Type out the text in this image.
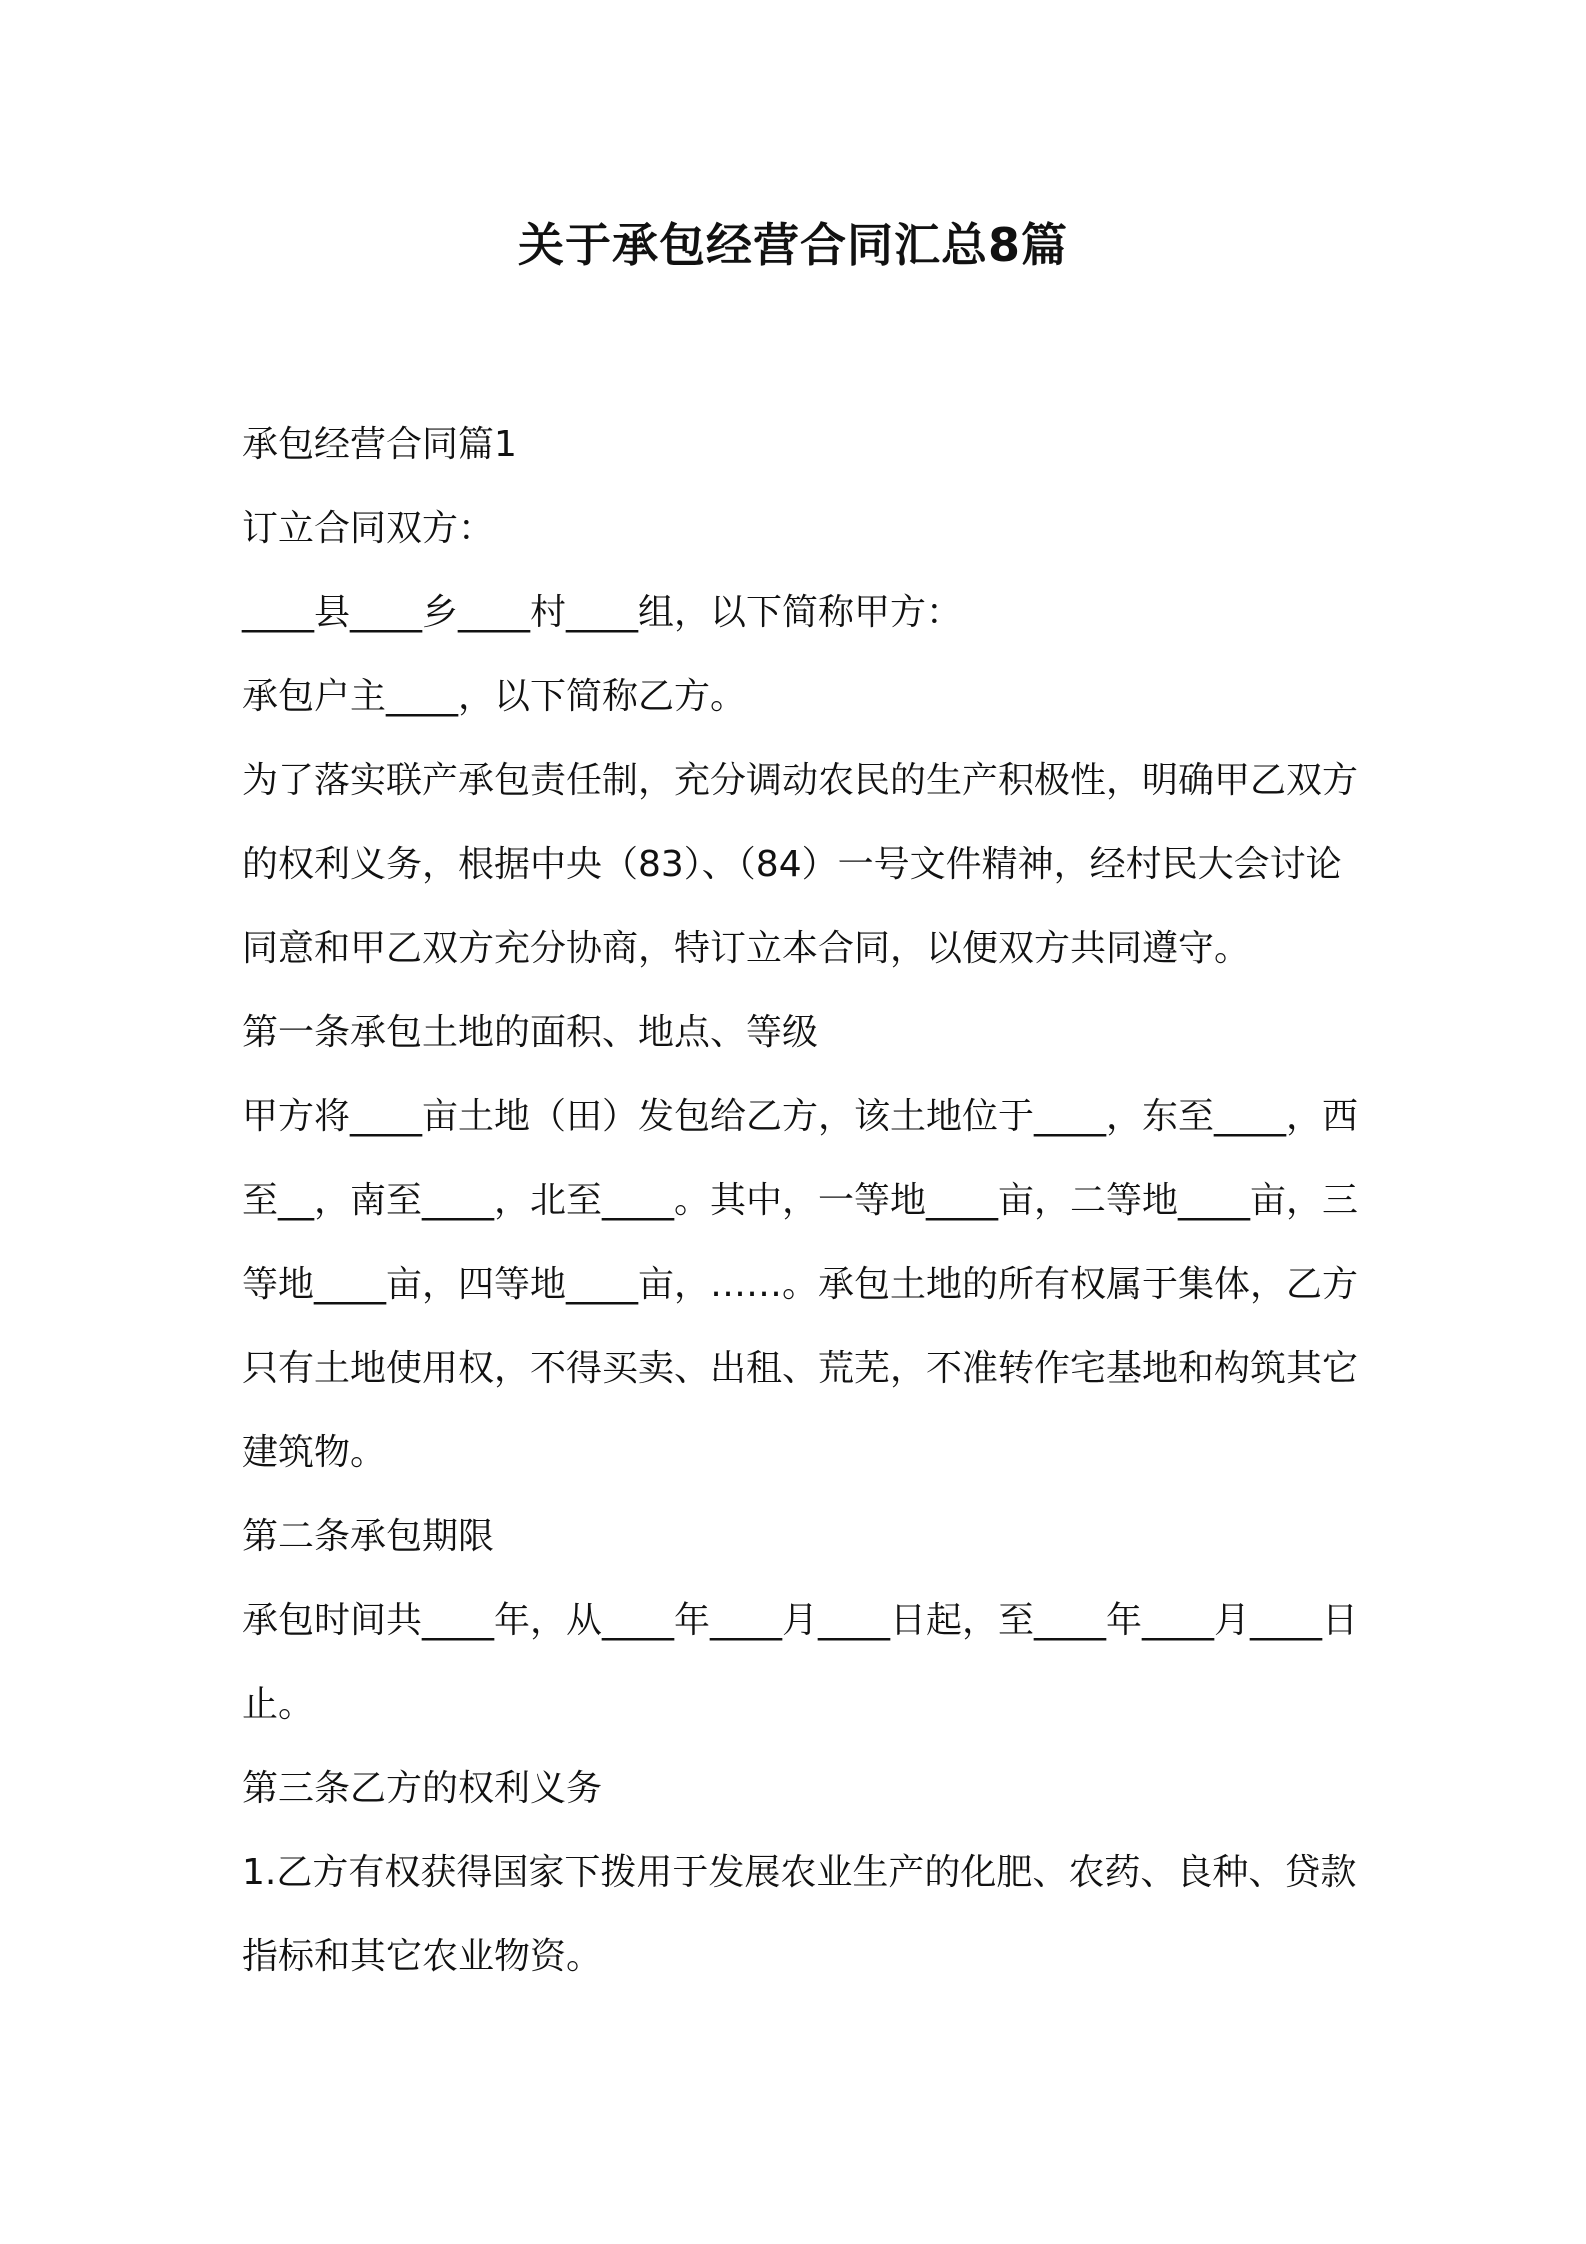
关于承包经营合同汇总8篇

承包经营合同篇1

订立合同双方：

____县____乡____村____组，以下简称甲方：

承包户主____，以下简称乙方。

为了落实联产承包责任制，充分调动农民的生产积极性，明确甲乙双方的权利义务，根据中央（83）、（84）一号文件精神，经村民大会讨论同意和甲乙双方充分协商，特订立本合同，以便双方共同遵守。

第一条承包土地的面积、地点、等级

甲方将____亩土地（田）发包给乙方，该土地位于____，东至____，西至__，南至____，北至____。其中，一等地____亩，二等地____亩，三等地____亩，四等地____亩，……。承包土地的所有权属于集体，乙方只有土地使用权，不得买卖、出租、荒芜，不准转作宅基地和构筑其它建筑物。

第二条承包期限

承包时间共____年，从____年____月____日起，至____年____月____日止。

第三条乙方的权利义务

1.乙方有权获得国家下拨用于发展农业生产的化肥、农药、良种、贷款指标和其它农业物资。
